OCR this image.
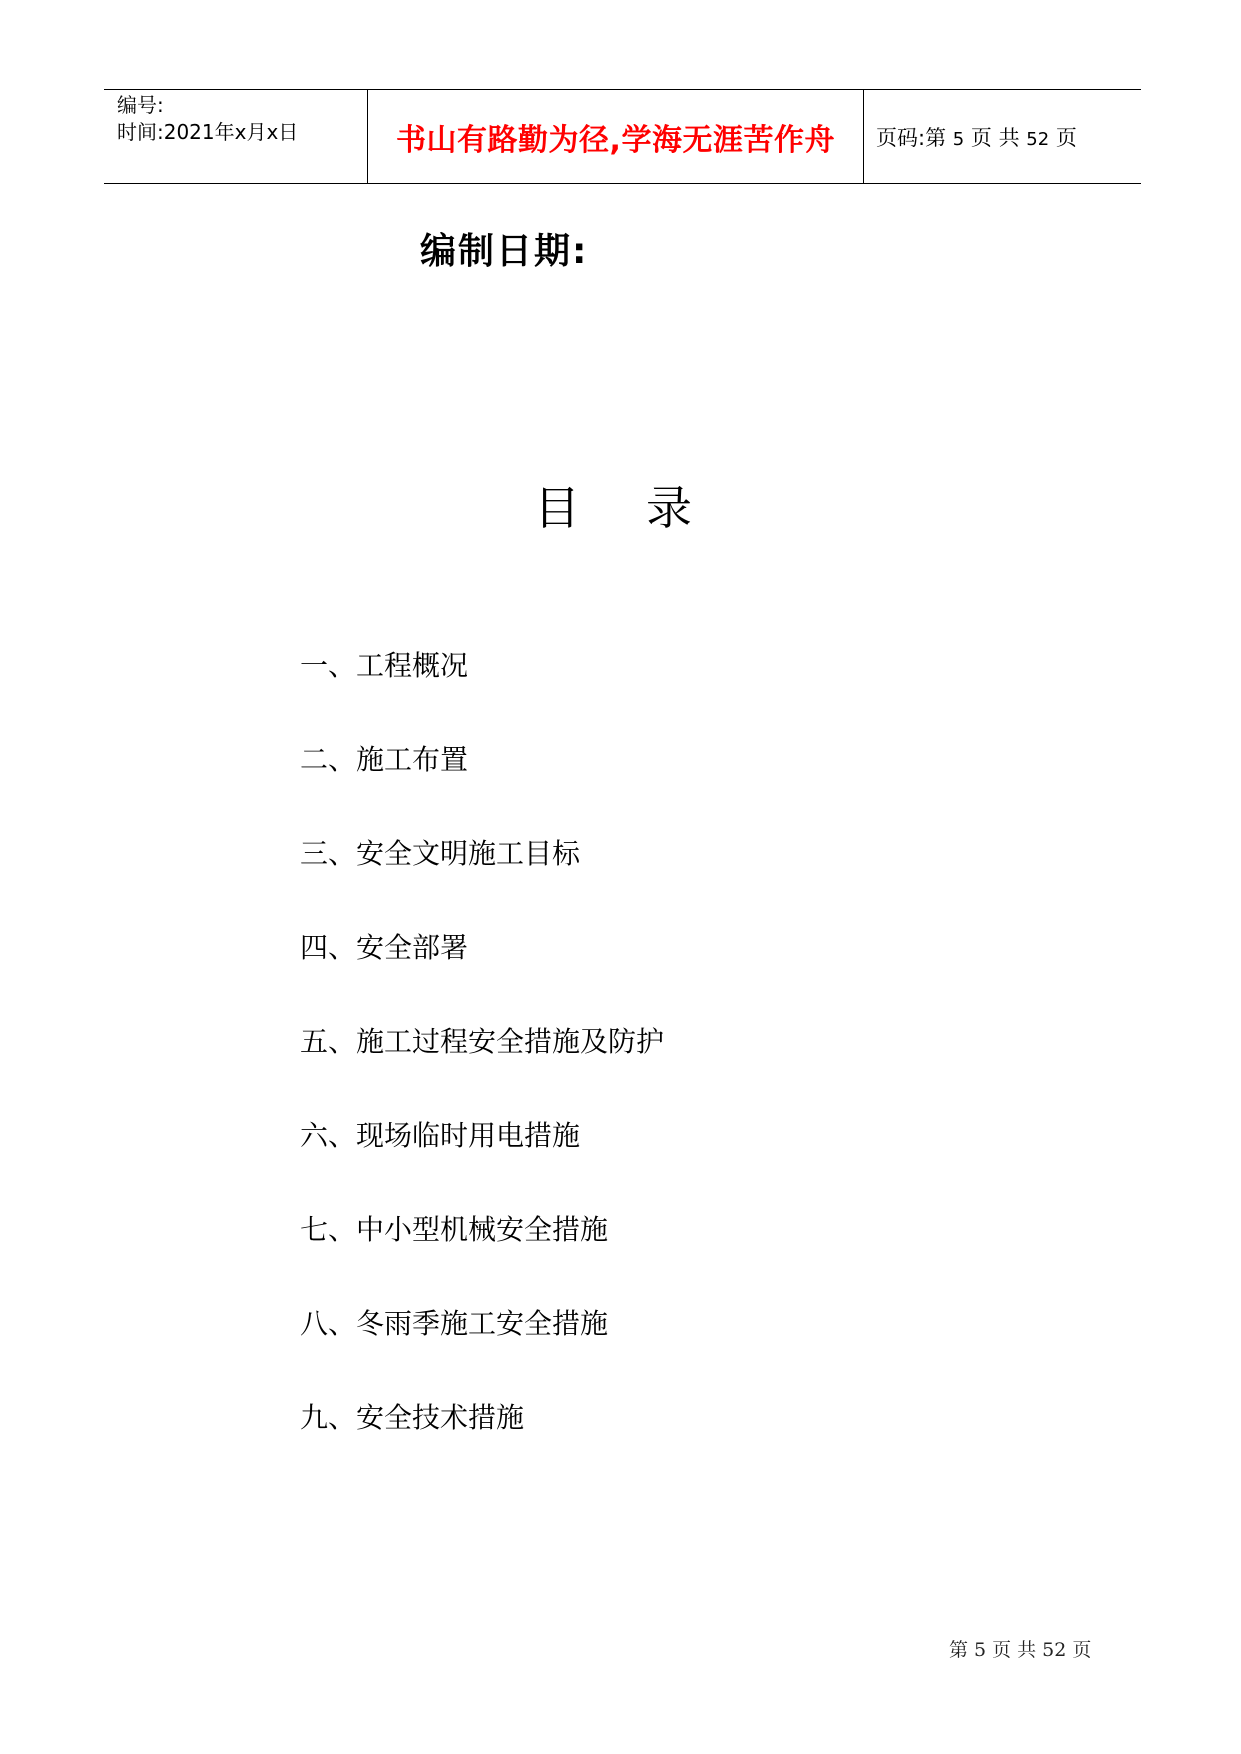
编号:
时间:2021年x月x日	书山有路勤为径,学海无涯苦作舟 页码:第 5 页 共 52 页
编制日期:
目 录
一、工程概况
二、施工布置
三、安全文明施工目标
四、安全部署
五、施工过程安全措施及防护
六、现场临时用电措施
七、中小型机械安全措施
八、冬雨季施工安全措施
九、安全技术措施
第 5 页 共 52 页
